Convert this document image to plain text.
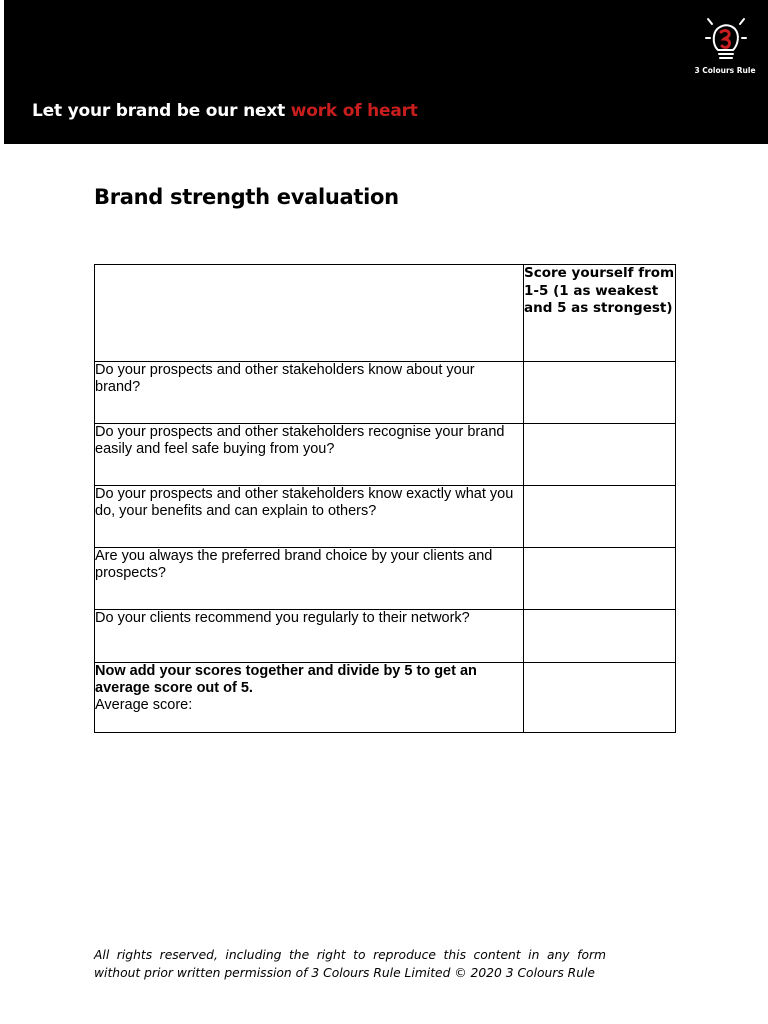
3 Colours Rule
Let your brand be our next work of heart
Brand strength evaluation
	Score yourself from 1-5 (1 as weakest and 5 as strongest)
Do your prospects and other stakeholders know about your brand?	
Do your prospects and other stakeholders recognise your brand easily and feel safe buying from you?	
Do your prospects and other stakeholders know exactly what you do, your benefits and can explain to others?	
Are you always the preferred brand choice by your clients and prospects?	
Do your clients recommend you regularly to their network?	

Now add your scores together and divide by 5 to get an average score out of 5.
Average score:	

All rights reserved, including the right to reproduce this content in any form without prior written permission of 3 Colours Rule Limited © 2020 3 Colours Rule
